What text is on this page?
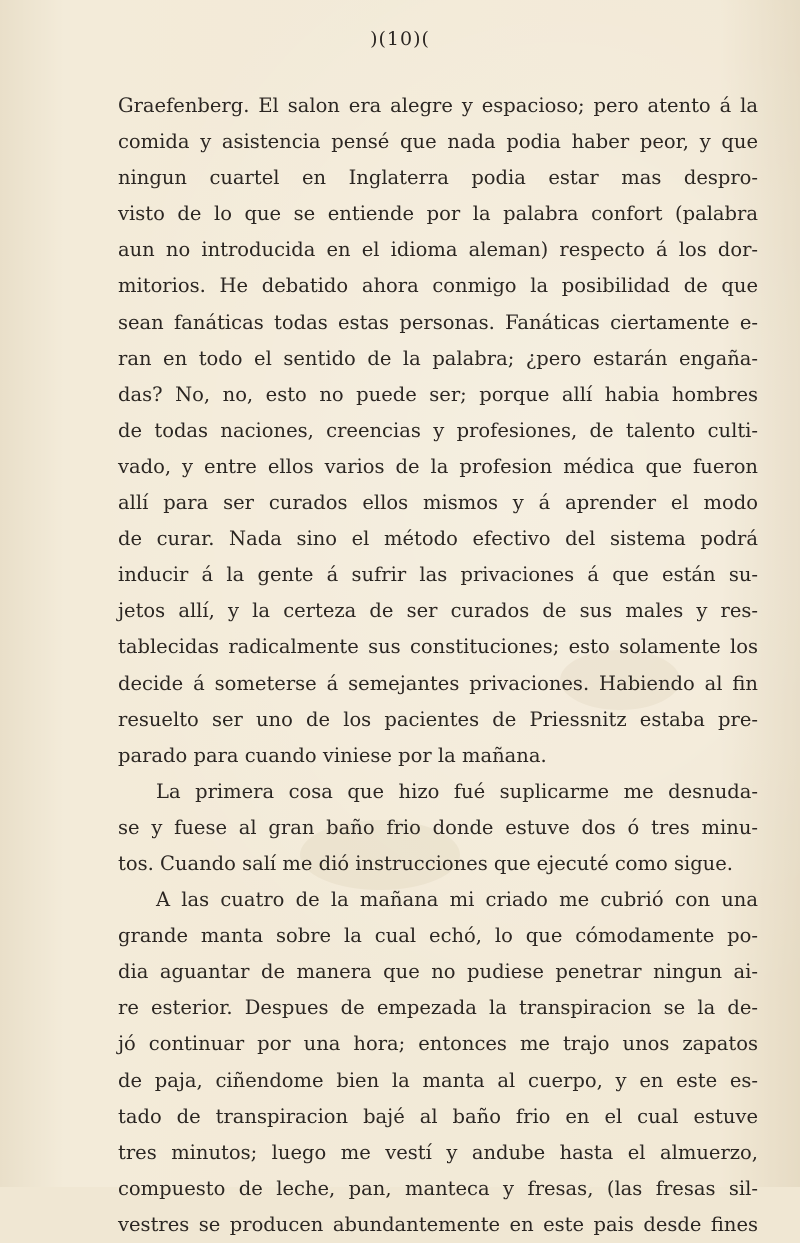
)(10)(
Graefenberg. El salon era alegre y espacioso; pero atento á la
comida y asistencia pensé que nada podia haber peor, y que
ningun cuartel en Inglaterra podia estar mas despro-
visto de lo que se entiende por la palabra confort (palabra
aun no introducida en el idioma aleman) respecto á los dor-
mitorios. He debatido ahora conmigo la posibilidad de que
sean fanáticas todas estas personas. Fanáticas ciertamente e-
ran en todo el sentido de la palabra; ¿pero estarán engaña-
das? No, no, esto no puede ser; porque allí habia hombres
de todas naciones, creencias y profesiones, de talento culti-
vado, y entre ellos varios de la profesion médica que fueron
allí para ser curados ellos mismos y á aprender el modo
de curar. Nada sino el método efectivo del sistema podrá
inducir á la gente á sufrir las privaciones á que están su-
jetos allí, y la certeza de ser curados de sus males y res-
tablecidas radicalmente sus constituciones; esto solamente los
decide á someterse á semejantes privaciones. Habiendo al fin
resuelto ser uno de los pacientes de Priessnitz estaba pre-
parado para cuando viniese por la mañana.
La primera cosa que hizo fué suplicarme me desnuda-
se y fuese al gran baño frio donde estuve dos ó tres minu-
tos. Cuando salí me dió instrucciones que ejecuté como sigue.
A las cuatro de la mañana mi criado me cubrió con una
grande manta sobre la cual echó, lo que cómodamente po-
dia aguantar de manera que no pudiese penetrar ningun ai-
re esterior. Despues de empezada la transpiracion se la de-
jó continuar por una hora; entonces me trajo unos zapatos
de paja, ciñendome bien la manta al cuerpo, y en este es-
tado de transpiracion bajé al baño frio en el cual estuve
tres minutos; luego me vestí y andube hasta el almuerzo,
compuesto de leche, pan, manteca y fresas, (las fresas sil-
vestres se producen abundantemente en este pais desde fines
